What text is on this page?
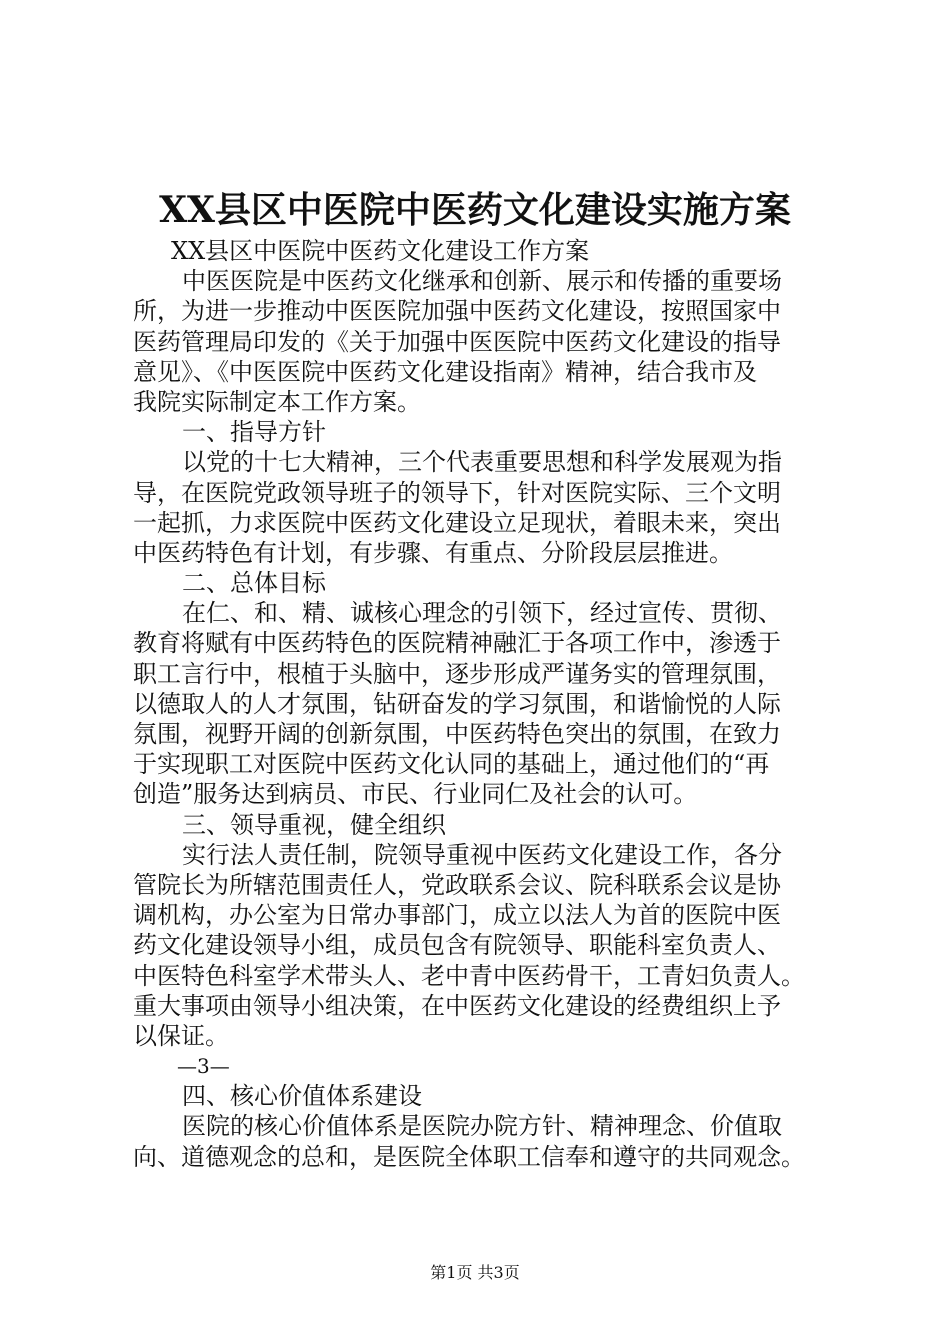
XX县区中医院中医药文化建设实施方案
XX县区中医院中医药文化建设工作方案
中医医院是中医药文化继承和创新、展示和传播的重要场
所，为进一步推动中医医院加强中医药文化建设，按照国家中
医药管理局印发的《关于加强中医医院中医药文化建设的指导
意见》、《中医医院中医药文化建设指南》精神，结合我市及
我院实际制定本工作方案。
一、指导方针
以党的十七大精神，三个代表重要思想和科学发展观为指
导，在医院党政领导班子的领导下，针对医院实际、三个文明
一起抓，力求医院中医药文化建设立足现状，着眼未来，突出
中医药特色有计划，有步骤、有重点、分阶段层层推进。
二、总体目标
在仁、和、精、诚核心理念的引领下，经过宣传、贯彻、
教育将赋有中医药特色的医院精神融汇于各项工作中，渗透于
职工言行中，根植于头脑中，逐步形成严谨务实的管理氛围，
以德取人的人才氛围，钻研奋发的学习氛围，和谐愉悦的人际
氛围，视野开阔的创新氛围，中医药特色突出的氛围，在致力
于实现职工对医院中医药文化认同的基础上，通过他们的“再
创造”服务达到病员、市民、行业同仁及社会的认可。
三、领导重视，健全组织
实行法人责任制，院领导重视中医药文化建设工作，各分
管院长为所辖范围责任人，党政联系会议、院科联系会议是协
调机构，办公室为日常办事部门，成立以法人为首的医院中医
药文化建设领导小组，成员包含有院领导、职能科室负责人、
中医特色科室学术带头人、老中青中医药骨干，工青妇负责人。
重大事项由领导小组决策，在中医药文化建设的经费组织上予
以保证。
—3—
四、核心价值体系建设
医院的核心价值体系是医院办院方针、精神理念、价值取
向、道德观念的总和，是医院全体职工信奉和遵守的共同观念。
第1页 共3页
